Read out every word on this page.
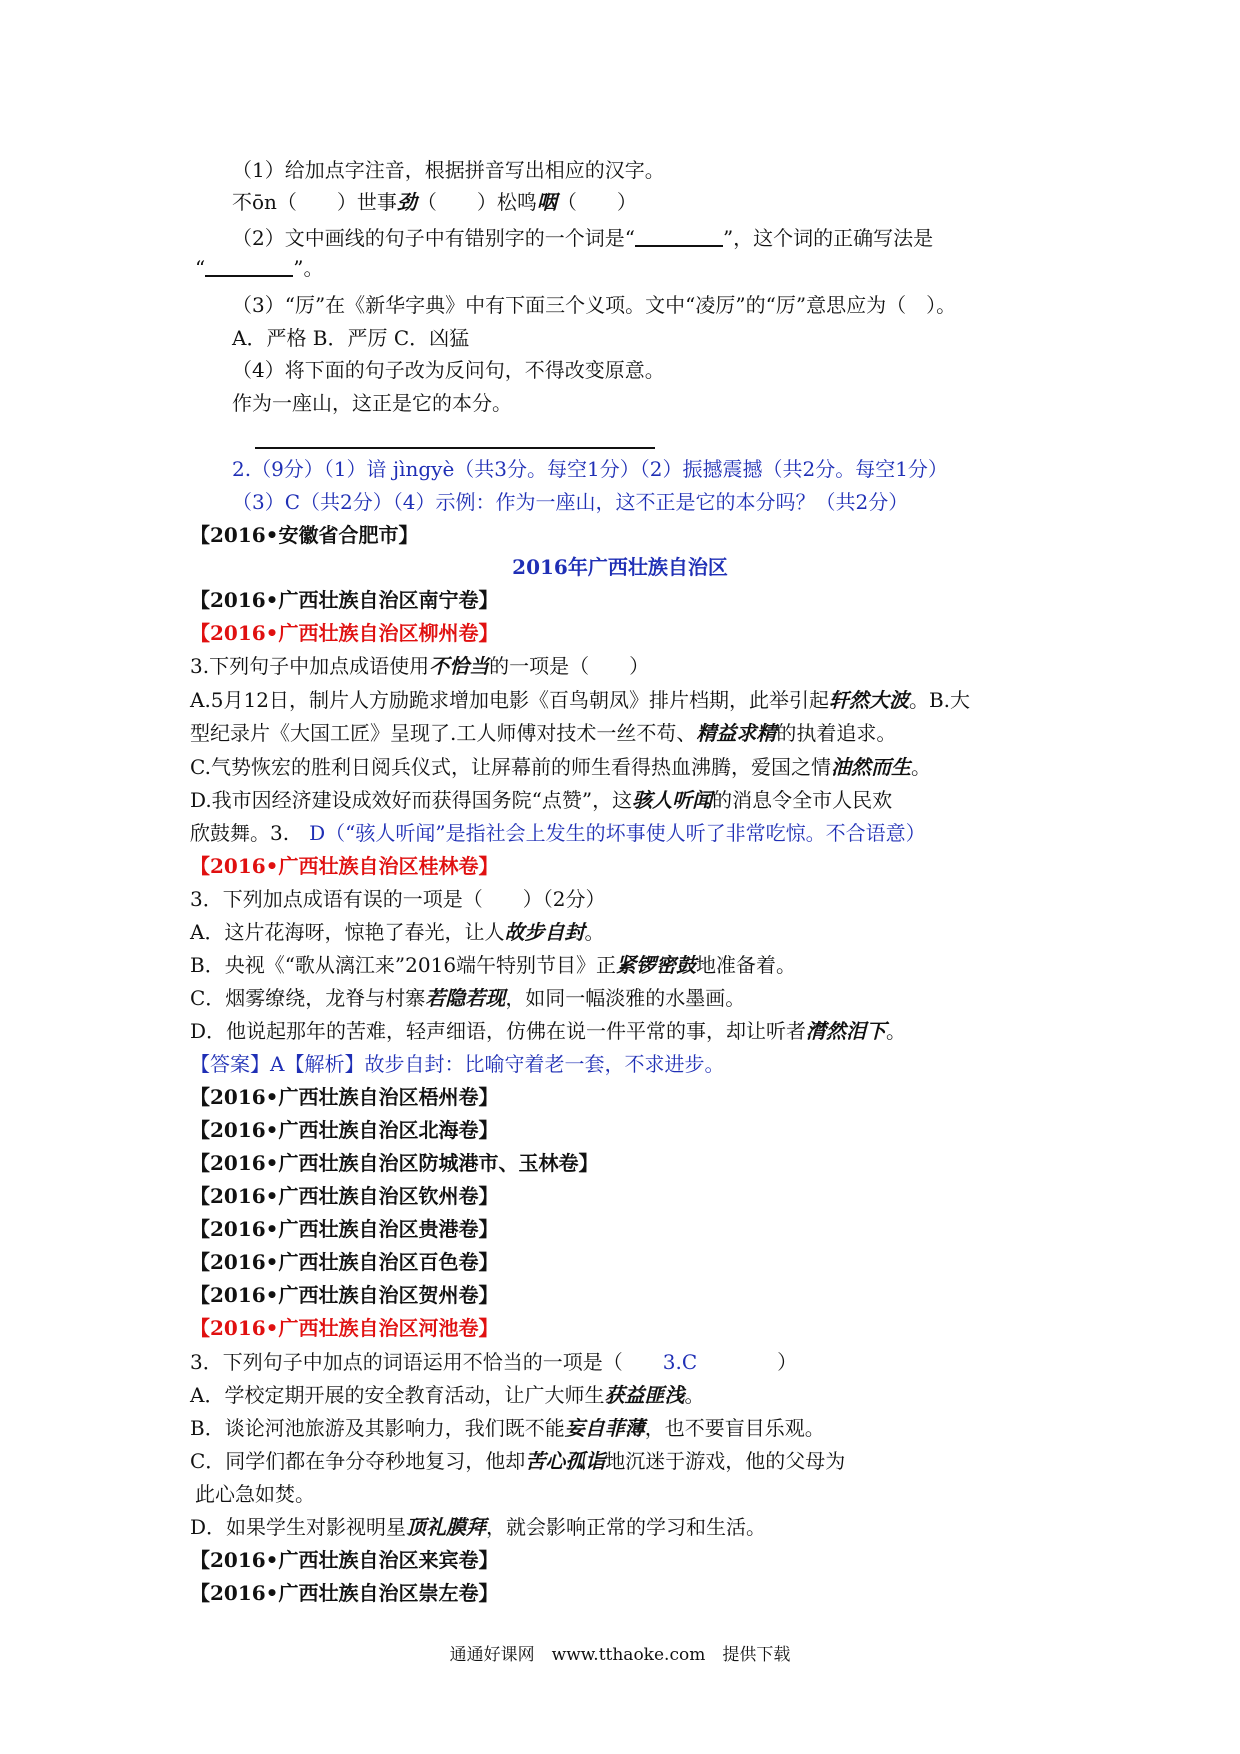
（1）给加点字注音，根据拼音写出相应的汉字。
不ōn（　　）世事劲（　　）松鸣咽（　　）
（2）文中画线的句子中有错别字的一个词是“	”，这个词的正确写法是
“	”。
（3）“厉”在《新华字典》中有下面三个义项。文中“凌厉”的“厉”意思应为（　）。
A．严格 B．严厉 C．凶猛
（4）将下面的句子改为反问句，不得改变原意。
作为一座山，这正是它的本分。
2.（9分）（1）谙 jìngyè（共3分。每空1分）（2）振撼震撼（共2分。每空1分）
（3）C（共2分）（4）示例：作为一座山，这不正是它的本分吗？（共2分）
【2016•安徽省合肥市】
2016年广西壮族自治区
【2016•广西壮族自治区南宁卷】
【2016•广西壮族自治区柳州卷】
3.下列句子中加点成语使用不恰当的一项是（　　）
A.5月12日，制片人方励跪求增加电影《百鸟朝凤》排片档期，此举引起轩然大波。B.大
型纪录片《大国工匠》呈现了.工人师傅对技术一丝不苟、精益求精的执着追求。
C.气势恢宏的胜利日阅兵仪式，让屏幕前的师生看得热血沸腾，爱国之情油然而生。
D.我市因经济建设成效好而获得国务院“点赞”，这骇人听闻的消息令全市人民欢
欣鼓舞。3.　D（“骇人听闻”是指社会上发生的坏事使人听了非常吃惊。不合语意）
【2016•广西壮族自治区桂林卷】
3．下列加点成语有误的一项是（　　）（2分）
A．这片花海呀，惊艳了春光，让人故步自封。
B．央视《“歌从漓江来”2016端午特别节目》正紧锣密鼓地准备着。
C．烟雾缭绕，龙脊与村寨若隐若现，如同一幅淡雅的水墨画。
D．他说起那年的苦难，轻声细语，仿佛在说一件平常的事，却让听者潸然泪下。
【答案】A【解析】故步自封：比喻守着老一套，不求进步。
【2016•广西壮族自治区梧州卷】
【2016•广西壮族自治区北海卷】
【2016•广西壮族自治区防城港市、玉林卷】
【2016•广西壮族自治区钦州卷】
【2016•广西壮族自治区贵港卷】
【2016•广西壮族自治区百色卷】
【2016•广西壮族自治区贺州卷】
【2016•广西壮族自治区河池卷】
3．下列句子中加点的词语运用不恰当的一项是（ 3.C	）
A．学校定期开展的安全教育活动，让广大师生获益匪浅。
B．谈论河池旅游及其影响力，我们既不能妄自菲薄，也不要盲目乐观。
C．同学们都在争分夺秒地复习，他却苦心孤诣地沉迷于游戏，他的父母为
此心急如焚。
D．如果学生对影视明星顶礼膜拜，就会影响正常的学习和生活。
【2016•广西壮族自治区来宾卷】
【2016•广西壮族自治区崇左卷】
通通好课网　www.tthaoke.com　提供下载
